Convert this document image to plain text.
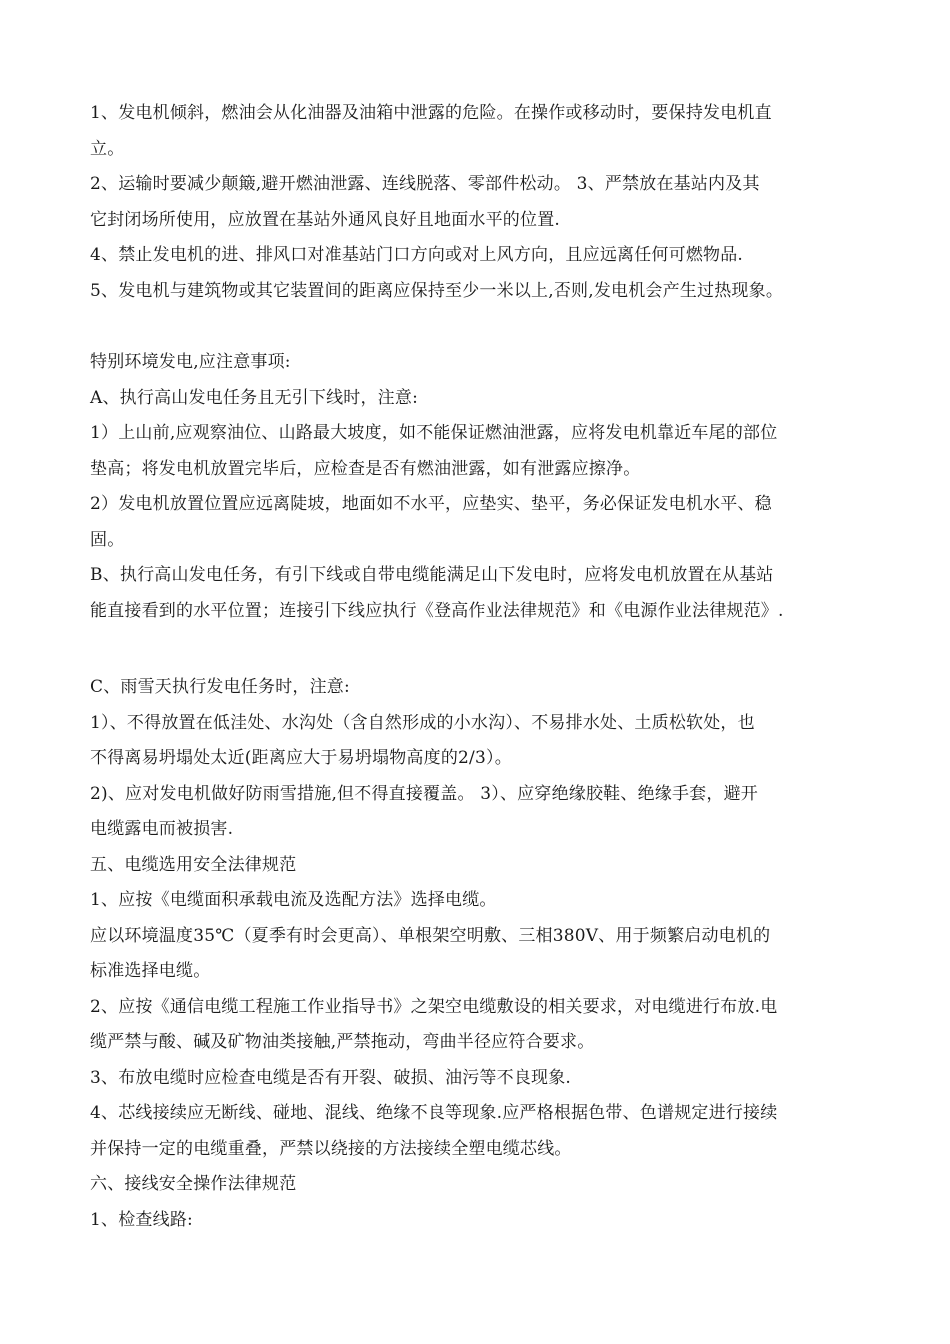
1、发电机倾斜，燃油会从化油器及油箱中泄露的危险。在操作或移动时，要保持发电机直
立。
2、运输时要减少颠簸,避开燃油泄露、连线脱落、零部件松动。 3、严禁放在基站内及其
它封闭场所使用，应放置在基站外通风良好且地面水平的位置.
4、禁止发电机的进、排风口对准基站门口方向或对上风方向，且应远离任何可燃物品.
5、发电机与建筑物或其它装置间的距离应保持至少一米以上,否则,发电机会产生过热现象。
特别环境发电,应注意事项:
A、执行高山发电任务且无引下线时，注意:
1）上山前,应观察油位、山路最大坡度，如不能保证燃油泄露，应将发电机靠近车尾的部位
垫高；将发电机放置完毕后，应检查是否有燃油泄露，如有泄露应擦净。
2）发电机放置位置应远离陡坡，地面如不水平，应垫实、垫平，务必保证发电机水平、稳
固。
B、执行高山发电任务，有引下线或自带电缆能满足山下发电时，应将发电机放置在从基站
能直接看到的水平位置；连接引下线应执行《登高作业法律规范》和《电源作业法律规范》.
C、雨雪天执行发电任务时，注意:
1）、不得放置在低洼处、水沟处（含自然形成的小水沟）、不易排水处、土质松软处，也
不得离易坍塌处太近(距离应大于易坍塌物高度的2/3）。
2)、应对发电机做好防雨雪措施,但不得直接覆盖。 3）、应穿绝缘胶鞋、绝缘手套，避开
电缆露电而被损害.
五、电缆选用安全法律规范
1、应按《电缆面积承载电流及选配方法》选择电缆。
应以环境温度35℃（夏季有时会更高）、单根架空明敷、三相380V、用于频繁启动电机的
标准选择电缆。
2、应按《通信电缆工程施工作业指导书》之架空电缆敷设的相关要求，对电缆进行布放.电
缆严禁与酸、碱及矿物油类接触,严禁拖动，弯曲半径应符合要求。
3、布放电缆时应检查电缆是否有开裂、破损、油污等不良现象.
4、芯线接续应无断线、碰地、混线、绝缘不良等现象.应严格根据色带、色谱规定进行接续
并保持一定的电缆重叠，严禁以绕接的方法接续全塑电缆芯线。
六、接线安全操作法律规范
1、检查线路:
